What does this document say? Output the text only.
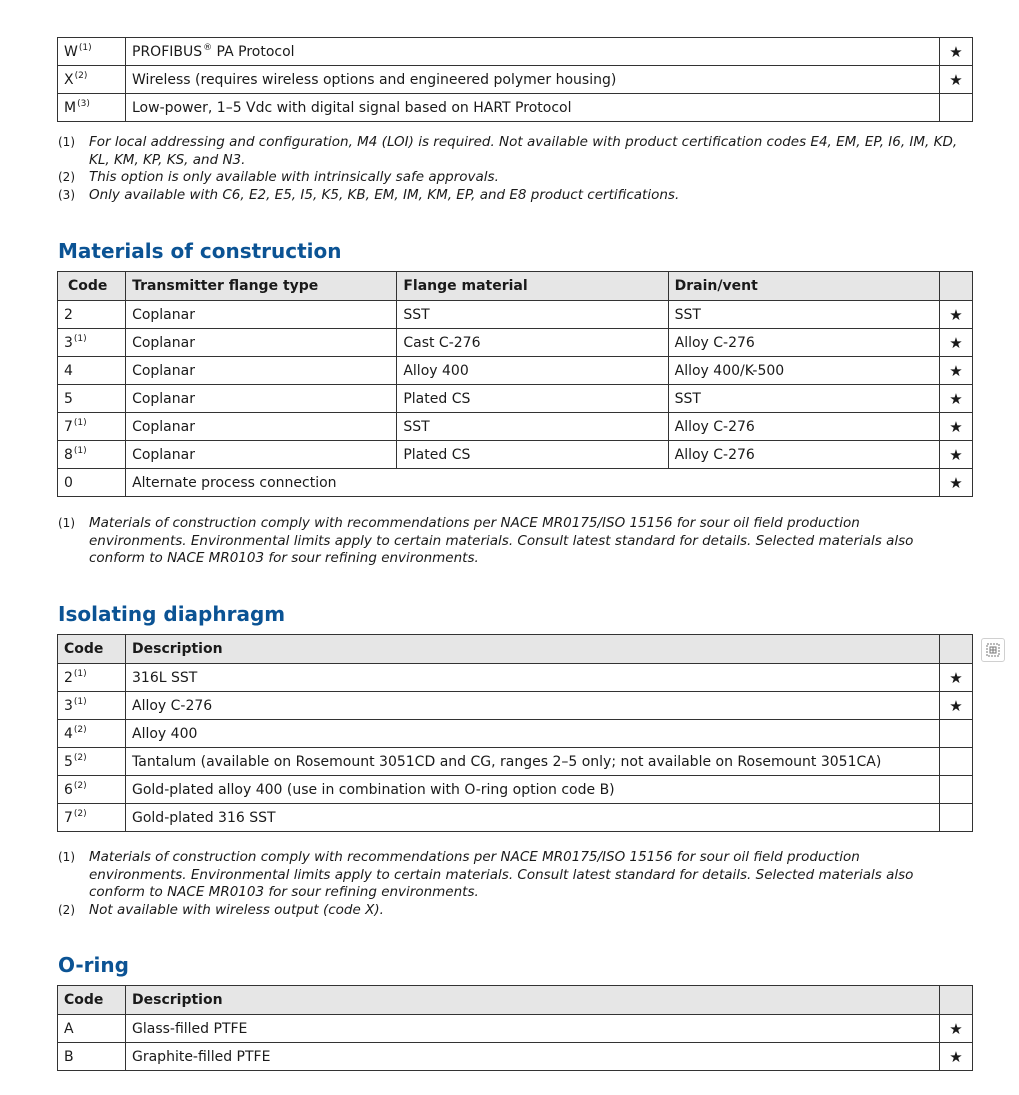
$W^{(1)}$	PROFIBUS® PA Protocol	★
$X^{(2)}$	Wireless (requires wireless options and engineered polymer housing)	★
$M^{(3)}$	Low-power, 1–5 Vdc with digital signal based on HART Protocol	
(1)	For local addressing and configuration, M4 (LOI) is required. Not available with product certification codes E4, EM, EP, I6, IM, KD, KL, KM, KP, KS, and N3.
(2)	This option is only available with intrinsically safe approvals.
(3)	Only available with C6, E2, E5, I5, K5, KB, EM, IM, KM, EP, and E8 product certifications.
Materials of construction
Code	Transmitter flange type	Flange material	Drain/vent	
2	Coplanar	SST	SST	★
3$^{(1)}$	Coplanar	Cast C-276	Alloy C-276	★
4	Coplanar	Alloy 400	Alloy 400/K-500	★
5	Coplanar	Plated CS	SST	★
7$^{(1)}$	Coplanar	SST	Alloy C-276	★
8$^{(1)}$	Coplanar	Plated CS	Alloy C-276	★
0	Alternate process connection			★
(1)	Materials of construction comply with recommendations per NACE MR0175/ISO 15156 for sour oil field production environments. Environmental limits apply to certain materials. Consult latest standard for details. Selected materials also conform to NACE MR0103 for sour refining environments.
Isolating diaphragm
Code	Description	
2$^{(1)}$	316L SST	★
3$^{(1)}$	Alloy C-276	★
4$^{(2)}$	Alloy 400	
5$^{(2)}$	Tantalum (available on Rosemount 3051CD and CG, ranges 2–5 only; not available on Rosemount 3051CA)	
6$^{(2)}$	Gold-plated alloy 400 (use in combination with O-ring option code B)	
7$^{(2)}$	Gold-plated 316 SST	
(1)	Materials of construction comply with recommendations per NACE MR0175/ISO 15156 for sour oil field production environments. Environmental limits apply to certain materials. Consult latest standard for details. Selected materials also conform to NACE MR0103 for sour refining environments.
(2)	Not available with wireless output (code X).
O-ring
Code	Description	
A	Glass-filled PTFE	★
B	Graphite-filled PTFE	★
